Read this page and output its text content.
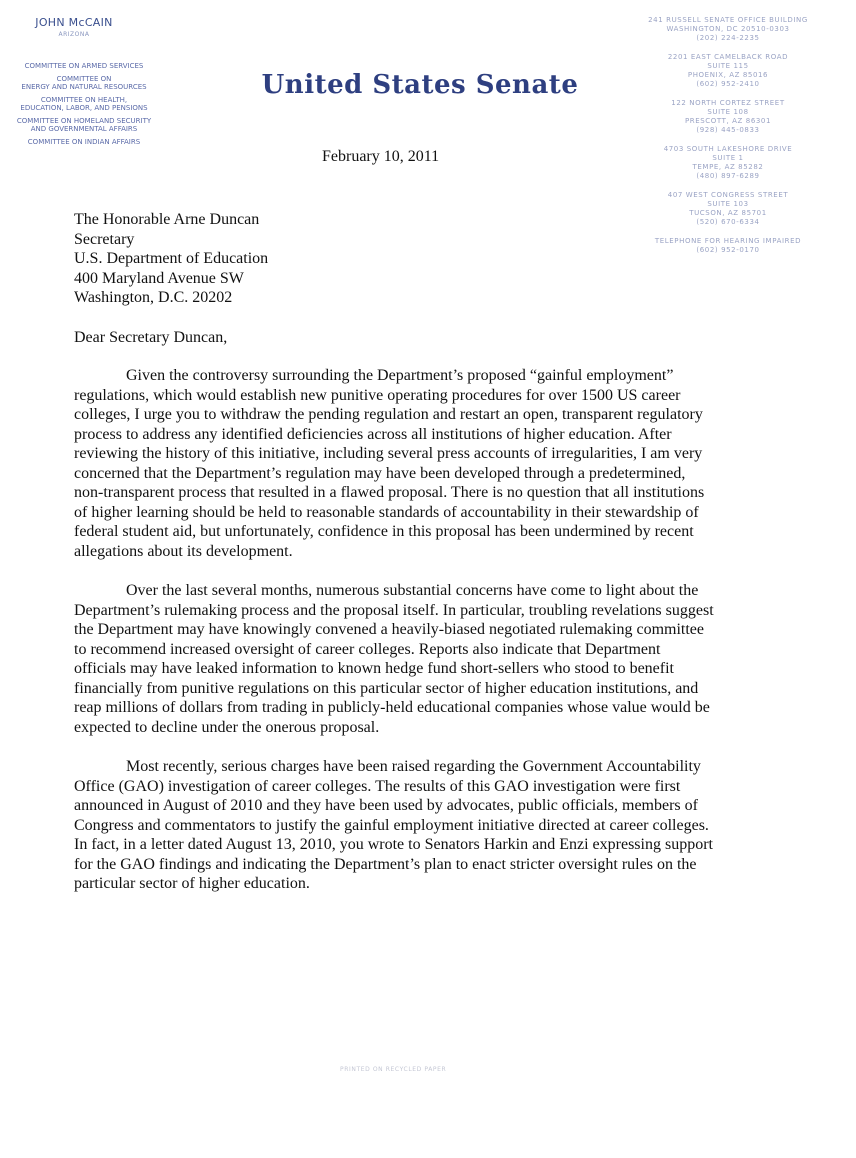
JOHN McCAIN
ARIZONA
COMMITTEE ON ARMED SERVICES
COMMITTEE ON
ENERGY AND NATURAL RESOURCES
COMMITTEE ON HEALTH,
EDUCATION, LABOR, AND PENSIONS
COMMITTEE ON HOMELAND SECURITY
AND GOVERNMENTAL AFFAIRS
COMMITTEE ON INDIAN AFFAIRS
United States Senate
241 RUSSELL SENATE OFFICE BUILDING
WASHINGTON, DC 20510-0303
(202) 224-2235
2201 EAST CAMELBACK ROAD
SUITE 115
PHOENIX, AZ 85016
(602) 952-2410
122 NORTH CORTEZ STREET
SUITE 108
PRESCOTT, AZ 86301
(928) 445-0833
4703 SOUTH LAKESHORE DRIVE
SUITE 1
TEMPE, AZ 85282
(480) 897-6289
407 WEST CONGRESS STREET
SUITE 103
TUCSON, AZ 85701
(520) 670-6334
TELEPHONE FOR HEARING IMPAIRED
(602) 952-0170
February 10, 2011
The Honorable Arne Duncan
Secretary
U.S. Department of Education
400 Maryland Avenue SW
Washington, D.C. 20202
Dear Secretary Duncan,

Given the controversy surrounding the Department’s proposed “gainful employment” regulations, which would establish new punitive operating procedures for over 1500 US career colleges, I urge you to withdraw the pending regulation and restart an open, transparent regulatory process to address any identified deficiencies across all institutions of higher education. After reviewing the history of this initiative, including several press accounts of irregularities, I am very concerned that the Department’s regulation may have been developed through a predetermined, non-transparent process that resulted in a flawed proposal. There is no question that all institutions of higher learning should be held to reasonable standards of accountability in their stewardship of federal student aid, but unfortunately, confidence in this proposal has been undermined by recent allegations about its development.

Over the last several months, numerous substantial concerns have come to light about the Department’s rulemaking process and the proposal itself. In particular, troubling revelations suggest the Department may have knowingly convened a heavily-biased negotiated rulemaking committee to recommend increased oversight of career colleges. Reports also indicate that Department officials may have leaked information to known hedge fund short-sellers who stood to benefit financially from punitive regulations on this particular sector of higher education institutions, and reap millions of dollars from trading in publicly-held educational companies whose value would be expected to decline under the onerous proposal.

Most recently, serious charges have been raised regarding the Government Accountability Office (GAO) investigation of career colleges. The results of this GAO investigation were first announced in August of 2010 and they have been used by advocates, public officials, members of Congress and commentators to justify the gainful employment initiative directed at career colleges. In fact, in a letter dated August 13, 2010, you wrote to Senators Harkin and Enzi expressing support for the GAO findings and indicating the Department’s plan to enact stricter oversight rules on the particular sector of higher education.

PRINTED ON RECYCLED PAPER
